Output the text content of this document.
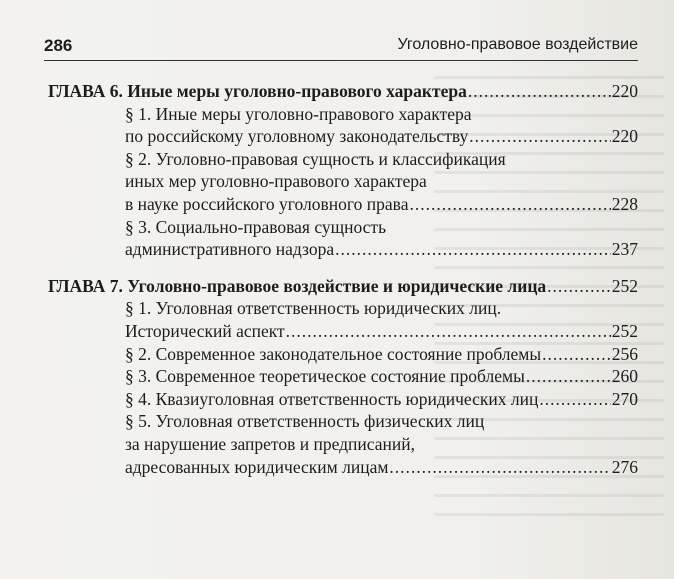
286	Уголовно-правовое воздействие
ГЛАВА 6. Иные меры уголовно-правового характера .....	220
§ 1. Иные меры уголовно-правового характера
по российскому уголовному законодательству .....	220
§ 2. Уголовно-правовая сущность и классификация
иных мер уголовно-правового характера
в науке российского уголовного права .....	228
§ 3. Социально-правовая сущность
административного надзора .....	237
ГЛАВА 7. Уголовно-правовое воздействие и юридические лица .....	252
§ 1. Уголовная ответственность юридических лиц.
Исторический аспект .....	252
§ 2. Современное законодательное состояние проблемы .....	256
§ 3. Современное теоретическое состояние проблемы .....	260
§ 4. Квазиуголовная ответственность юридических лиц .....	270
§ 5. Уголовная ответственность физических лиц
за нарушение запретов и предписаний,
адресованных юридическим лицам .....	276
